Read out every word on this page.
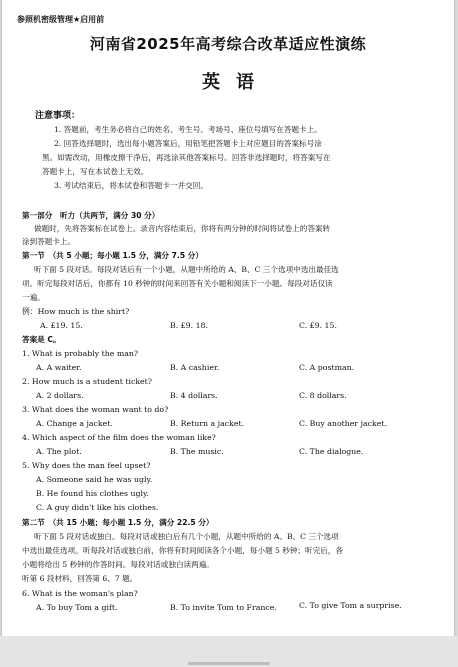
参照机密级管理★启用前
河南省2025年高考综合改革适应性演练
英语
注意事项：
1. 答题前，考生务必将自己的姓名、考生号、考场号、座位号填写在答题卡上。
2. 回答选择题时，选出每小题答案后，用铅笔把答题卡上对应题目的答案标号涂
黑。如需改动，用橡皮擦干净后，再选涂其他答案标号。回答非选择题时，将答案写在
答题卡上，写在本试卷上无效。
3. 考试结束后，将本试卷和答题卡一并交回。
第一部分　听力（共两节，满分 30 分）
做题时，先将答案标在试卷上。录音内容结束后，你将有两分钟的时间将试卷上的答案转
涂到答题卡上。
第一节　（共 5 小题；每小题 1.5 分，满分 7.5 分）
听下面 5 段对话。每段对话后有一个小题，从题中所给的 A、B、C 三个选项中选出最佳选
项。听完每段对话后，你都有 10 秒钟的时间来回答有关小题和阅读下一小题。每段对话仅读
一遍。
例：How much is the shirt?
A. £19. 15.	B. £9. 18.	C. £9. 15.
答案是 C。
1. What is probably the man?
A. A waiter.	B. A cashier.	C. A postman.
2. How much is a student ticket?
A. 2 dollars.	B. 4 dollars.	C. 8 dollars.
3. What does the woman want to do?
A. Change a jacket.	B. Return a jacket.	C. Buy another jacket.
4. Which aspect of the film does the woman like?
A. The plot.	B. The music.	C. The dialogue.
5. Why does the man feel upset?
A. Someone said he was ugly.
B. He found his clothes ugly.
C. A guy didn't like his clothes.
第二节　（共 15 小题；每小题 1.5 分，满分 22.5 分）
听下面 5 段对话或独白。每段对话或独白后有几个小题，从题中所给的 A、B、C 三个选项
中选出最佳选项。听每段对话或独白前，你将有时间阅读各个小题，每小题 5 秒钟；听完后，各
小题将给出 5 秒钟的作答时间。每段对话或独白读两遍。
听第 6 段材料，回答第 6、7 题。
6. What is the woman's plan?
A. To buy Tom a gift.	B. To invite Tom to France.	C. To give Tom a surprise.
